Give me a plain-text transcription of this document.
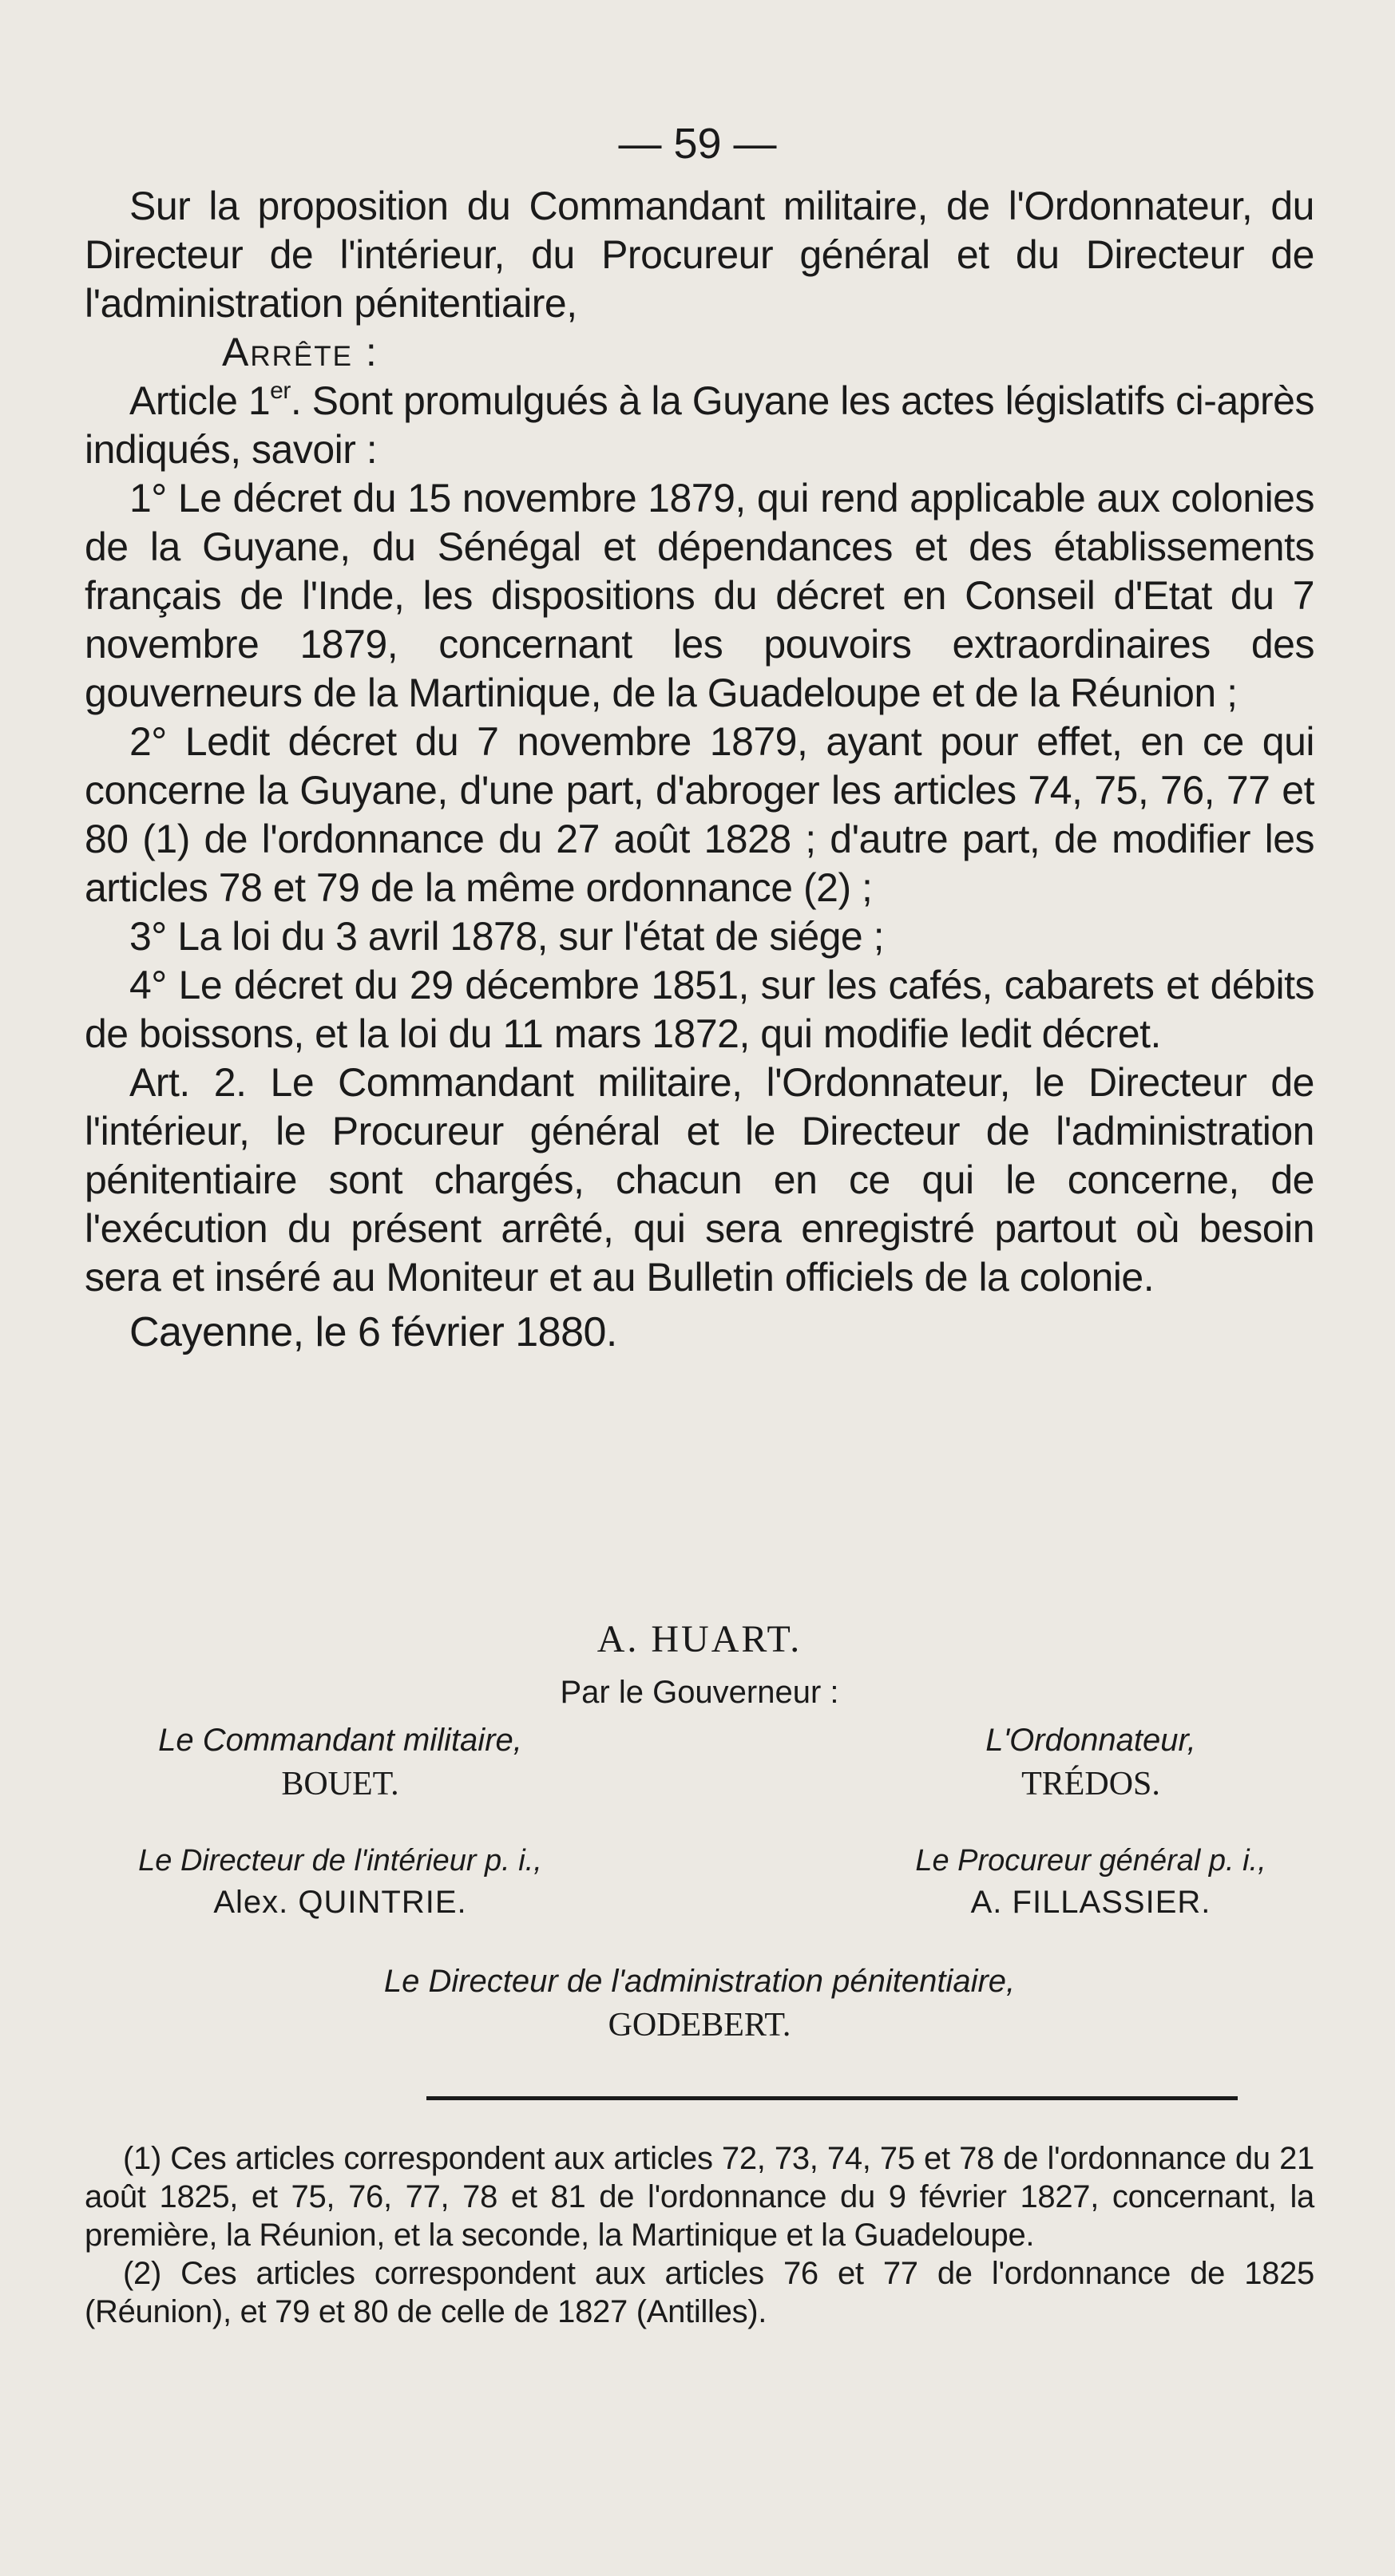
— 59 —

Sur la proposition du Commandant militaire, de l'Ordonnateur, du Directeur de l'intérieur, du Procureur général et du Directeur de l'administration pénitentiaire,

Arrête :

Article 1er. Sont promulgués à la Guyane les actes législatifs ci-après indiqués, savoir :

1° Le décret du 15 novembre 1879, qui rend applicable aux colonies de la Guyane, du Sénégal et dépendances et des établissements français de l'Inde, les dispositions du décret en Conseil d'Etat du 7 novembre 1879, concernant les pouvoirs extraordinaires des gouverneurs de la Martinique, de la Guadeloupe et de la Réunion ;

2° Ledit décret du 7 novembre 1879, ayant pour effet, en ce qui concerne la Guyane, d'une part, d'abroger les articles 74, 75, 76, 77 et 80 (1) de l'ordonnance du 27 août 1828 ; d'autre part, de modifier les articles 78 et 79 de la même ordonnance (2) ;

3° La loi du 3 avril 1878, sur l'état de siége ;

4° Le décret du 29 décembre 1851, sur les cafés, cabarets et débits de boissons, et la loi du 11 mars 1872, qui modifie ledit décret.

Art. 2. Le Commandant militaire, l'Ordonnateur, le Directeur de l'intérieur, le Procureur général et le Directeur de l'administration pénitentiaire sont chargés, chacun en ce qui le concerne, de l'exécution du présent arrêté, qui sera enregistré partout où besoin sera et inséré au Moniteur et au Bulletin officiels de la colonie.

Cayenne, le 6 février 1880.

A. HUART.
Par le Gouverneur :
Le Commandant militaire,
BOUET.
L'Ordonnateur,
TRÉDOS.
Le Directeur de l'intérieur p. i.,
Alex. QUINTRIE.
Le Procureur général p. i.,
A. FILLASSIER.
Le Directeur de l'administration pénitentiaire,
GODEBERT.

(1) Ces articles correspondent aux articles 72, 73, 74, 75 et 78 de l'ordonnance du 21 août 1825, et 75, 76, 77, 78 et 81 de l'ordonnance du 9 février 1827, concernant, la première, la Réunion, et la seconde, la Martinique et la Guadeloupe.

(2) Ces articles correspondent aux articles 76 et 77 de l'ordonnance de 1825 (Réunion), et 79 et 80 de celle de 1827 (Antilles).
